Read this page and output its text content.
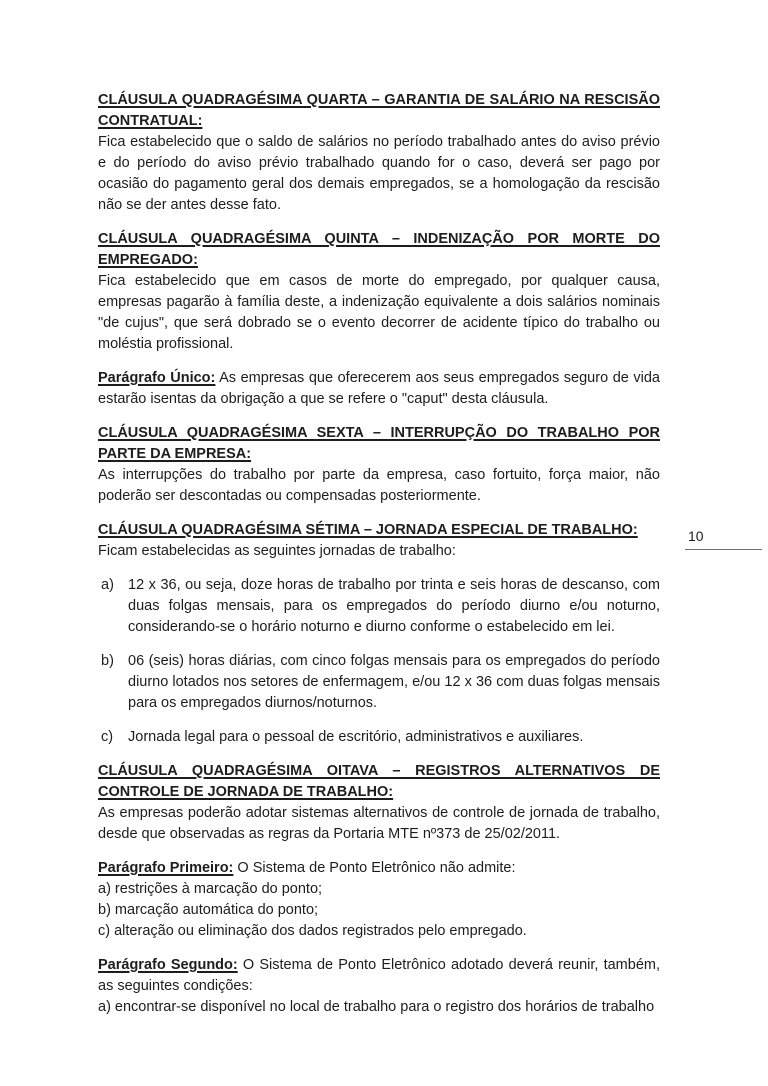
CLÁUSULA QUADRAGÉSIMA QUARTA – GARANTIA DE SALÁRIO NA RESCISÃO CONTRATUAL:

Fica estabelecido que o saldo de salários no período trabalhado antes do aviso prévio e do período do aviso prévio trabalhado quando for o caso, deverá ser pago por ocasião do pagamento geral dos demais empregados, se a homologação da rescisão não se der antes desse fato.

CLÁUSULA QUADRAGÉSIMA QUINTA – INDENIZAÇÃO POR MORTE DO EMPREGADO:

Fica estabelecido que em casos de morte do empregado, por qualquer causa, empresas pagarão à família deste, a indenização equivalente a dois salários nominais "de cujus", que será dobrado se o evento decorrer de acidente típico do trabalho ou moléstia profissional.

Parágrafo Único: As empresas que oferecerem aos seus empregados seguro de vida estarão isentas da obrigação a que se refere o "caput" desta cláusula.

CLÁUSULA QUADRAGÉSIMA SEXTA – INTERRUPÇÃO DO TRABALHO POR PARTE DA EMPRESA:

As interrupções do trabalho por parte da empresa, caso fortuito, força maior, não poderão ser descontadas ou compensadas posteriormente.

CLÁUSULA QUADRAGÉSIMA SÉTIMA – JORNADA ESPECIAL DE TRABALHO:

Ficam estabelecidas as seguintes jornadas de trabalho:

a) 12 x 36, ou seja, doze horas de trabalho por trinta e seis horas de descanso, com duas folgas mensais, para os empregados do período diurno e/ou noturno, considerando-se o horário noturno e diurno conforme o estabelecido em lei.
b) 06 (seis) horas diárias, com cinco folgas mensais para os empregados do período diurno lotados nos setores de enfermagem, e/ou 12 x 36 com duas folgas mensais para os empregados diurnos/noturnos.
c)	Jornada legal para o pessoal de escritório, administrativos e auxiliares.
CLÁUSULA QUADRAGÉSIMA OITAVA – REGISTROS ALTERNATIVOS DE CONTROLE DE JORNADA DE TRABALHO:

As empresas poderão adotar sistemas alternativos de controle de jornada de trabalho, desde que observadas as regras da Portaria MTE nº373 de 25/02/2011.

Parágrafo Primeiro: O Sistema de Ponto Eletrônico não admite:

a) restrições à marcação do ponto;

b) marcação automática do ponto;

c) alteração ou eliminação dos dados registrados pelo empregado.

Parágrafo Segundo: O Sistema de Ponto Eletrônico adotado deverá reunir, também, as seguintes condições:

a) encontrar-se disponível no local de trabalho para o registro dos horários de trabalho

10
